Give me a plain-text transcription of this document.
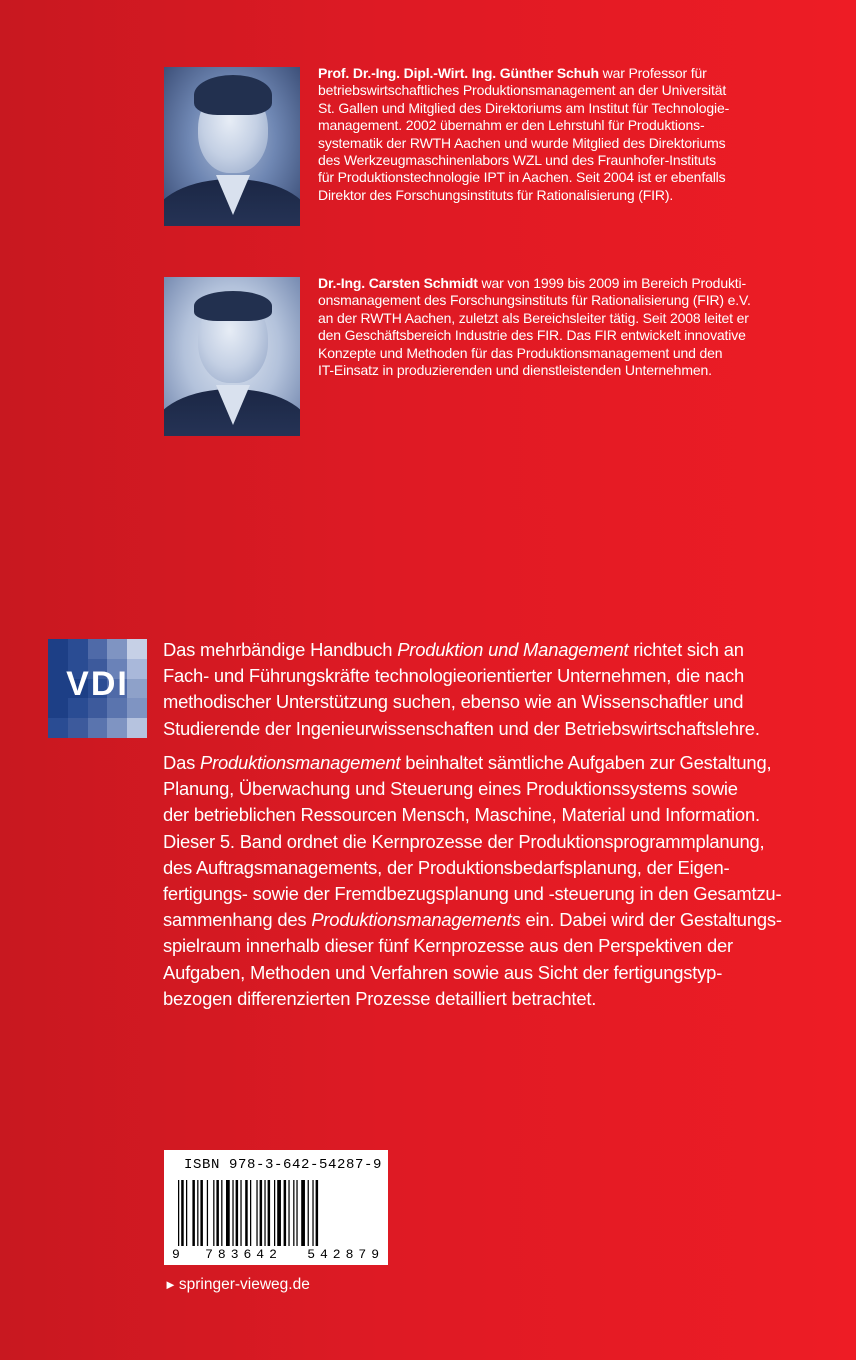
Prof. Dr.-Ing. Dipl.-Wirt. Ing. Günther Schuh war Professor für
betriebswirtschaftliches Produktionsmanagement an der Universität
St. Gallen und Mitglied des Direktoriums am Institut für Technologie-
management. 2002 übernahm er den Lehrstuhl für Produktions-
systematik der RWTH Aachen und wurde Mitglied des Direktoriums
des Werkzeugmaschinenlabors WZL und des Fraunhofer-Instituts
für Produktionstechnologie IPT in Aachen. Seit 2004 ist er ebenfalls
Direktor des Forschungsinstituts für Rationalisierung (FIR).
Dr.-Ing. Carsten Schmidt war von 1999 bis 2009 im Bereich Produkti-
onsmanagement des Forschungsinstituts für Rationalisierung (FIR) e.V.
an der RWTH Aachen, zuletzt als Bereichsleiter tätig. Seit 2008 leitet er
den Geschäftsbereich Industrie des FIR. Das FIR entwickelt innovative
Konzepte und Methoden für das Produktionsmanagement und den
IT-Einsatz in produzierenden und dienstleistenden Unternehmen.
VDI
Das mehrbändige Handbuch Produktion und Management richtet sich an
Fach- und Führungskräfte technologieorientierter Unternehmen, die nach
methodischer Unterstützung suchen, ebenso wie an Wissenschaftler und
Studierende der Ingenieurwissenschaften und der Betriebswirtschaftslehre.
Das Produktionsmanagement beinhaltet sämtliche Aufgaben zur Gestaltung,
Planung, Überwachung und Steuerung eines Produktionssystems sowie
der betrieblichen Ressourcen Mensch, Maschine, Material und Information.
Dieser 5. Band ordnet die Kernprozesse der Produktionsprogrammplanung,
des Auftragsmanagements, der Produktionsbedarfsplanung, der Eigen-
fertigungs- sowie der Fremdbezugsplanung und -steuerung in den Gesamtzu-
sammenhang des Produktionsmanagements ein. Dabei wird der Gestaltungs-
spielraum innerhalb dieser fünf Kernprozesse aus den Perspektiven der
Aufgaben, Methoden und Verfahren sowie aus Sicht der fertigungstyp-
bezogen differenzierten Prozesse detailliert betrachtet.
ISBN 978-3-642-54287-9
9 783642 542879
► springer-vieweg.de
